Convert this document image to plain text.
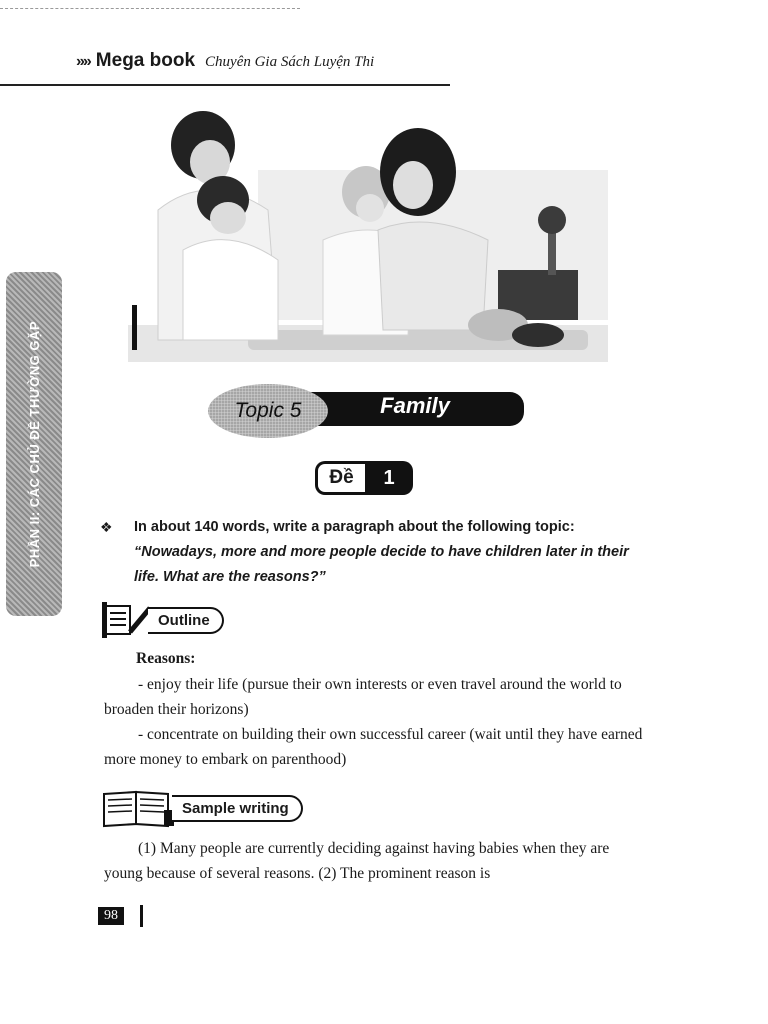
»» Mega book Chuyên Gia Sách Luyện Thi
PHẦN II: CÁC CHỦ ĐỀ THƯỜNG GẶP	Family
Topic 5
Đề	1
❖ In about 140 words, write a paragraph about the following topic:
“Nowadays, more and more people decide to have children later in their life. What are the reasons?”
Outline
Reasons:
- enjoy their life (pursue their own interests or even travel around the world to broaden their horizons)
- concentrate on building their own successful career (wait until they have earned more money to embark on parenthood)
Sample writing
(1) Many people are currently deciding against having babies when they are young because of several reasons. (2) The prominent reason is
98
